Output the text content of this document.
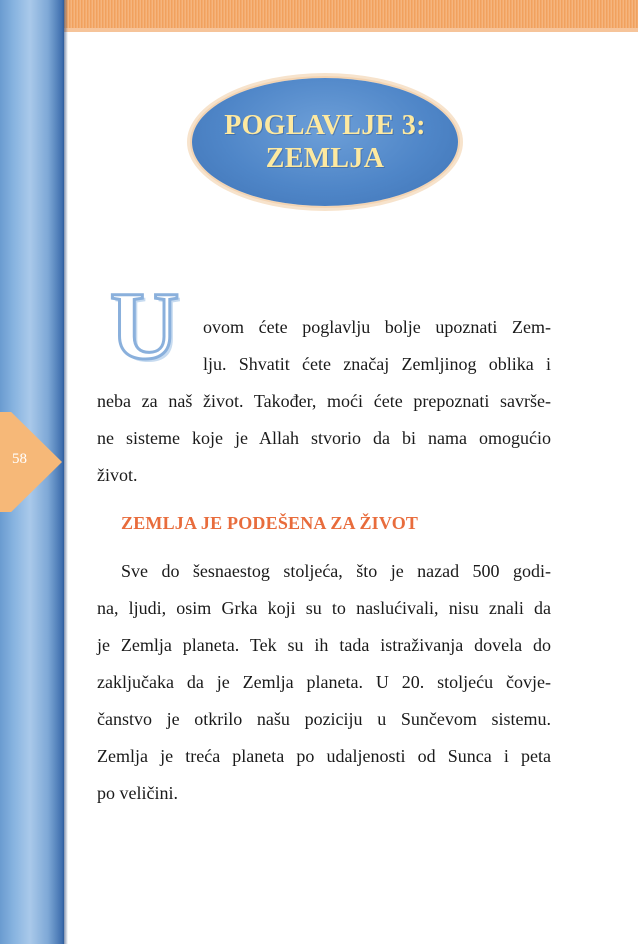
58
POGLAVLJE 3:
ZEMLJA
U ovom ćete poglavlju bolje upoznati Zem-
lju. Shvatit ćete značaj Zemljinog oblika i
neba za naš život. Također, moći ćete prepoznati savrše-
ne sisteme koje je Allah stvorio da bi nama omogućio
život.
ZEMLJA JE PODEŠENA ZA ŽIVOT
Sve do šesnaestog stoljeća, što je nazad 500 godi-
na, ljudi, osim Grka koji su to naslućivali, nisu znali da
je Zemlja planeta. Tek su ih tada istraživanja dovela do
zaključaka da je Zemlja planeta. U 20. stoljeću čovje-
čanstvo je otkrilo našu poziciju u Sunčevom sistemu.
Zemlja je treća planeta po udaljenosti od Sunca i peta
po veličini.
